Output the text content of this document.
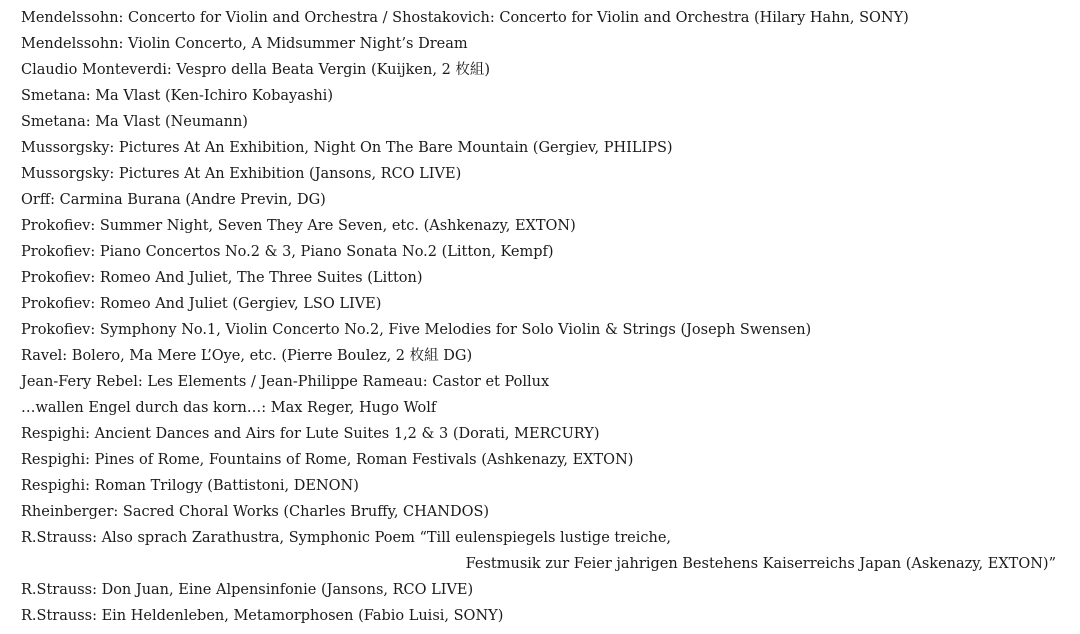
Mendelssohn: Concerto for Violin and Orchestra / Shostakovich: Concerto for Violin and Orchestra (Hilary Hahn, SONY)
Mendelssohn: Violin Concerto, A Midsummer Night’s Dream
Claudio Monteverdi: Vespro della Beata Vergin (Kuijken, 2 枚組)
Smetana: Ma Vlast (Ken-Ichiro Kobayashi)
Smetana: Ma Vlast (Neumann)
Mussorgsky: Pictures At An Exhibition, Night On The Bare Mountain (Gergiev, PHILIPS)
Mussorgsky: Pictures At An Exhibition (Jansons, RCO LIVE)
Orff: Carmina Burana (Andre Previn, DG)
Prokofiev: Summer Night, Seven They Are Seven, etc. (Ashkenazy, EXTON)
Prokofiev: Piano Concertos No.2 & 3, Piano Sonata No.2 (Litton, Kempf)
Prokofiev: Romeo And Juliet, The Three Suites (Litton)
Prokofiev: Romeo And Juliet (Gergiev, LSO LIVE)
Prokofiev: Symphony No.1, Violin Concerto No.2, Five Melodies for Solo Violin & Strings (Joseph Swensen)
Ravel: Bolero, Ma Mere L’Oye, etc. (Pierre Boulez, 2 枚組 DG)
Jean-Fery Rebel: Les Elements / Jean-Philippe Rameau: Castor et Pollux
…wallen Engel durch das korn…: Max Reger, Hugo Wolf
Respighi: Ancient Dances and Airs for Lute Suites 1,2 & 3 (Dorati, MERCURY)
Respighi: Pines of Rome, Fountains of Rome, Roman Festivals (Ashkenazy, EXTON)
Respighi: Roman Trilogy (Battistoni, DENON)
Rheinberger: Sacred Choral Works (Charles Bruffy, CHANDOS)
R.Strauss: Also sprach Zarathustra, Symphonic Poem “Till eulenspiegels lustige treiche,
Festmusik zur Feier jahrigen Bestehens Kaiserreichs Japan (Askenazy, EXTON)”
R.Strauss: Don Juan, Eine Alpensinfonie (Jansons, RCO LIVE)
R.Strauss: Ein Heldenleben, Metamorphosen (Fabio Luisi, SONY)
